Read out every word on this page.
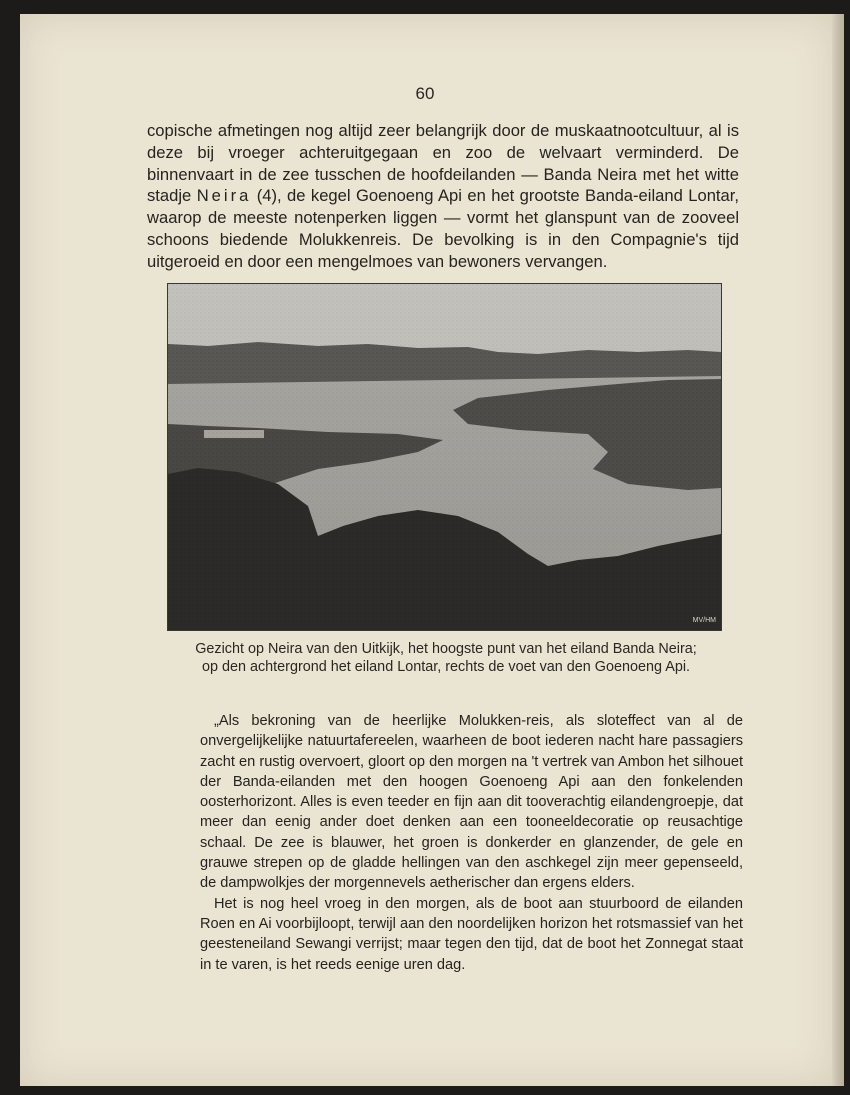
60
copische afmetingen nog altijd zeer belangrijk door de muskaatnootcultuur, al is deze bij vroeger achteruitgegaan en zoo de welvaart verminderd. De binnenvaart in de zee tusschen de hoofdeilanden — Banda Neira met het witte stadje Neira (4), de kegel Goenoeng Api en het grootste Banda-eiland Lontar, waarop de meeste notenperken liggen — vormt het glanspunt van de zooveel schoons biedende Molukkenreis. De bevolking is in den Compagnie's tijd uitgeroeid en door een mengelmoes van bewoners vervangen.
MV/HM
Gezicht op Neira van den Uitkijk, het hoogste punt van het eiland Banda Neira; op den achtergrond het eiland Lontar, rechts de voet van den Goenoeng Api.

„Als bekroning van de heerlijke Molukken-reis, als sloteffect van al de onvergelijkelijke natuurtafereelen, waarheen de boot iederen nacht hare passagiers zacht en rustig overvoert, gloort op den morgen na 't vertrek van Ambon het silhouet der Banda-eilanden met den hoogen Goenoeng Api aan den fonkelenden oosterhorizont. Alles is even teeder en fijn aan dit tooverachtig eilandengroepje, dat meer dan eenig ander doet denken aan een tooneeldecoratie op reusachtige schaal. De zee is blauwer, het groen is donkerder en glanzender, de gele en grauwe strepen op de gladde hellingen van den aschkegel zijn meer gepenseeld, de dampwolkjes der morgennevels aetherischer dan ergens elders.

Het is nog heel vroeg in den morgen, als de boot aan stuurboord de eilanden Roen en Ai voorbijloopt, terwijl aan den noordelijken horizon het rotsmassief van het geesteneiland Sewangi verrijst; maar tegen den tijd, dat de boot het Zonnegat staat in te varen, is het reeds eenige uren dag.
